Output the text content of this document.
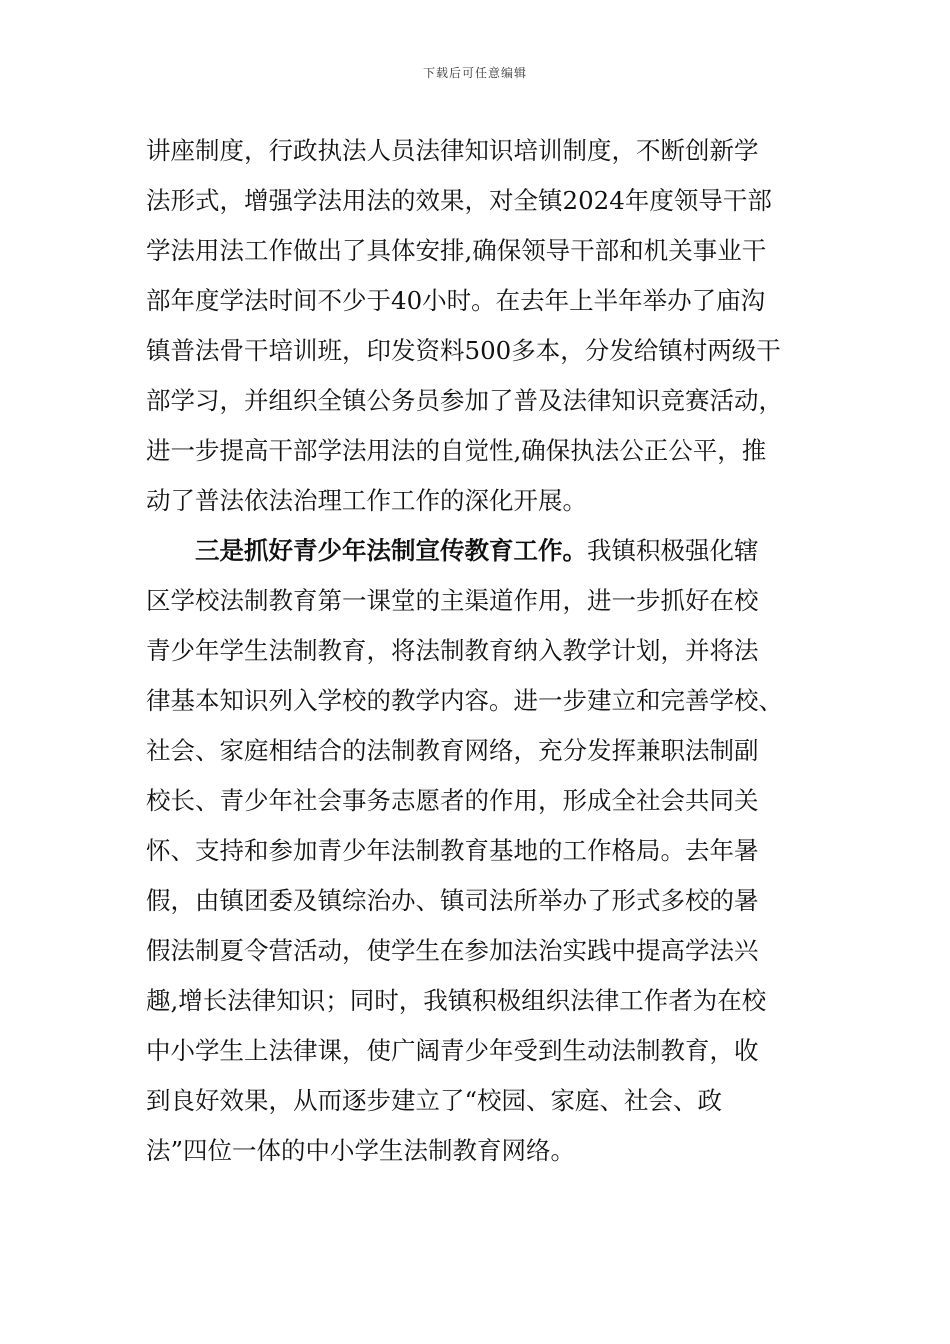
下载后可任意编辑
讲座制度，行政执法人员法律知识培训制度，不断创新学
法形式，增强学法用法的效果，对全镇2024年度领导干部
学法用法工作做出了具体安排,确保领导干部和机关事业干
部年度学法时间不少于40小时。在去年上半年举办了庙沟
镇普法骨干培训班，印发资料500多本，分发给镇村两级干
部学习，并组织全镇公务员参加了普及法律知识竞赛活动，
进一步提高干部学法用法的自觉性,确保执法公正公平，推
动了普法依法治理工作工作的深化开展。
三是抓好青少年法制宣传教育工作。我镇积极强化辖
区学校法制教育第一课堂的主渠道作用，进一步抓好在校
青少年学生法制教育，将法制教育纳入教学计划，并将法
律基本知识列入学校的教学内容。进一步建立和完善学校、
社会、家庭相结合的法制教育网络，充分发挥兼职法制副
校长、青少年社会事务志愿者的作用，形成全社会共同关
怀、支持和参加青少年法制教育基地的工作格局。去年暑
假，由镇团委及镇综治办、镇司法所举办了形式多校的暑
假法制夏令营活动，使学生在参加法治实践中提高学法兴
趣,增长法律知识；同时，我镇积极组织法律工作者为在校
中小学生上法律课，使广阔青少年受到生动法制教育，收
到良好效果，从而逐步建立了“校园、家庭、社会、政
法”四位一体的中小学生法制教育网络。
